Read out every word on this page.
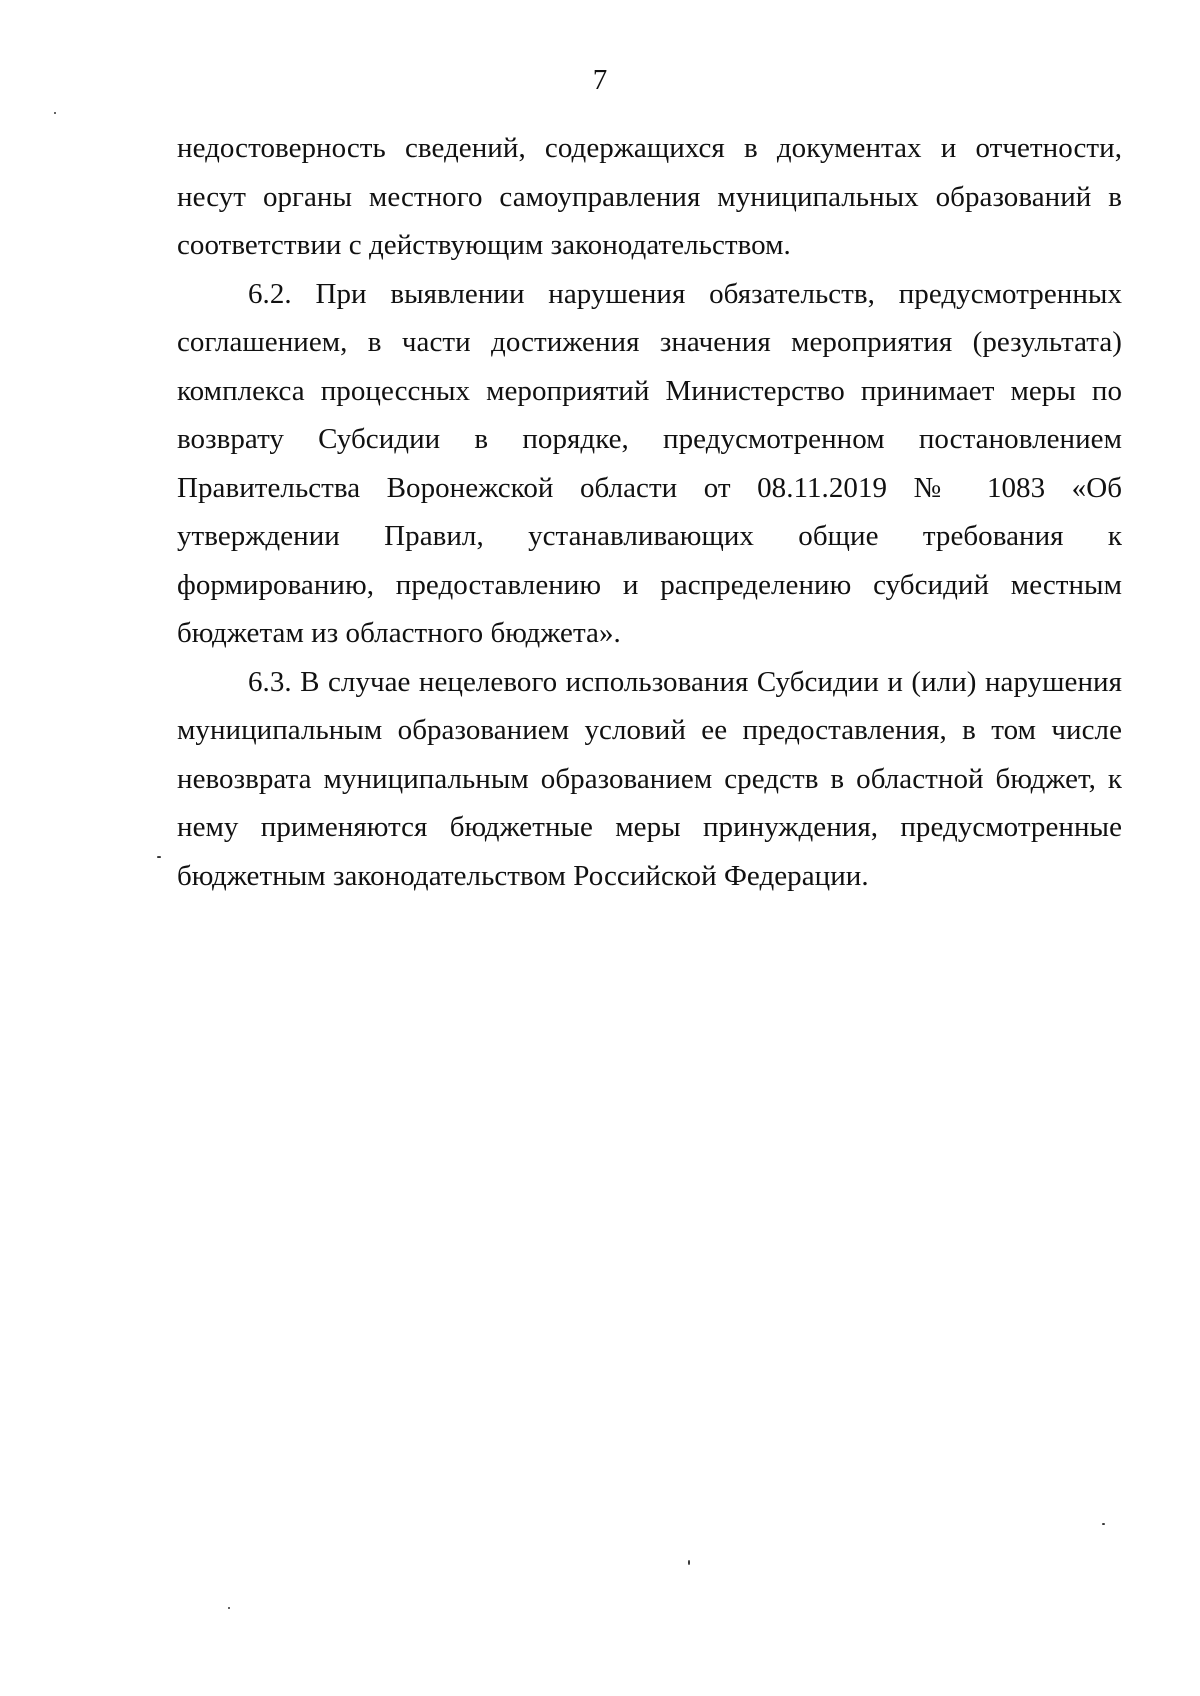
7

недостоверность сведений, содержащихся в документах и отчетности, несут органы местного самоуправления муниципальных образований в соответствии с действующим законодательством.

6.2. При выявлении нарушения обязательств, предусмотренных соглашением, в части достижения значения мероприятия (результата) комплекса процессных мероприятий Министерство принимает меры по возврату Субсидии в порядке, предусмотренном постановлением Правительства Воронежской области от 08.11.2019 № 1083 «Об утверждении Правил, устанавливающих общие требования к формированию, предоставлению и распределению субсидий местным бюджетам из областного бюджета».

6.3. В случае нецелевого использования Субсидии и (или) нарушения муниципальным образованием условий ее предоставления, в том числе невозврата муниципальным образованием средств в областной бюджет, к нему применяются бюджетные меры принуждения, предусмотренные бюджетным законодательством Российской Федерации.
